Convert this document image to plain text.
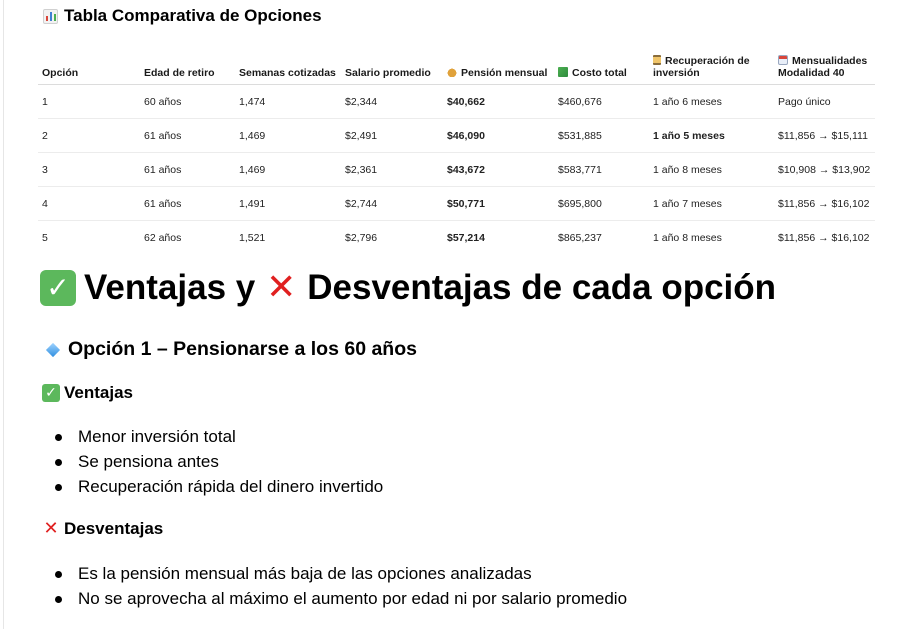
Tabla Comparativa de Opciones
Opción	Edad de retiro	Semanas cotizadas	Salario promedio	Pensión mensual	Costo total	Recuperación de inversión	Mensualidades Modalidad 40
1	60 años	1,474	$2,344	$40,662	$460,676	1 año 6 meses	Pago único
2	61 años	1,469	$2,491	$46,090	$531,885	1 año 5 meses	$11,856 → $15,111
3	61 años	1,469	$2,361	$43,672	$583,771	1 año 8 meses	$10,908 → $13,902
4	61 años	1,491	$2,744	$50,771	$695,800	1 año 7 meses	$11,856 → $16,102
5	62 años	1,521	$2,796	$57,214	$865,237	1 año 8 meses	$11,856 → $16,102
✓ Ventajas y ✕ Desventajas de cada opción
Opción 1 – Pensionarse a los 60 años
✓ Ventajas
Menor inversión total
Se pensiona antes
Recuperación rápida del dinero invertido
✕ Desventajas
Es la pensión mensual más baja de las opciones analizadas
No se aprovecha al máximo el aumento por edad ni por salario promedio
